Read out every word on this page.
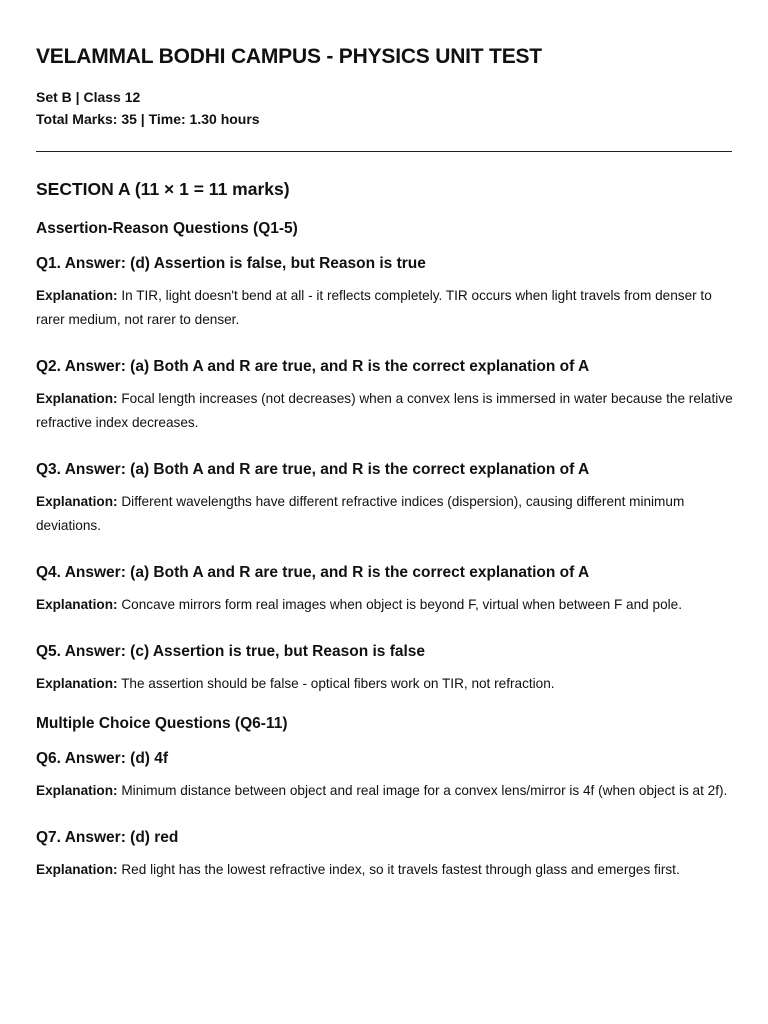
VELAMMAL BODHI CAMPUS - PHYSICS UNIT TEST
Set B | Class 12
Total Marks: 35 | Time: 1.30 hours
SECTION A (11 × 1 = 11 marks)
Assertion-Reason Questions (Q1-5)
Q1. Answer: (d) Assertion is false, but Reason is true
Explanation: In TIR, light doesn't bend at all - it reflects completely. TIR occurs when light travels from denser to rarer medium, not rarer to denser.
Q2. Answer: (a) Both A and R are true, and R is the correct explanation of A
Explanation: Focal length increases (not decreases) when a convex lens is immersed in water because the relative refractive index decreases.
Q3. Answer: (a) Both A and R are true, and R is the correct explanation of A
Explanation: Different wavelengths have different refractive indices (dispersion), causing different minimum deviations.
Q4. Answer: (a) Both A and R are true, and R is the correct explanation of A
Explanation: Concave mirrors form real images when object is beyond F, virtual when between F and pole.
Q5. Answer: (c) Assertion is true, but Reason is false
Explanation: The assertion should be false - optical fibers work on TIR, not refraction.
Multiple Choice Questions (Q6-11)
Q6. Answer: (d) 4f
Explanation: Minimum distance between object and real image for a convex lens/mirror is 4f (when object is at 2f).
Q7. Answer: (d) red
Explanation: Red light has the lowest refractive index, so it travels fastest through glass and emerges first.
